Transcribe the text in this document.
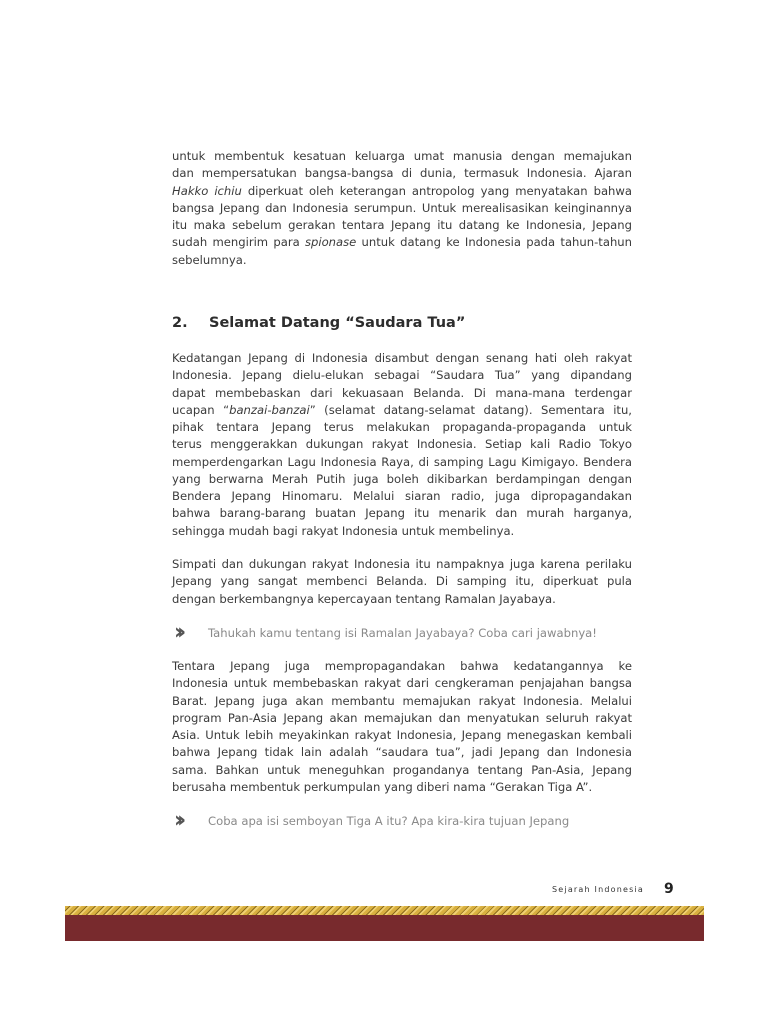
untuk membentuk kesatuan keluarga umat manusia dengan memajukan
dan mempersatukan bangsa-bangsa di dunia, termasuk Indonesia. Ajaran
Hakko ichiu diperkuat oleh keterangan antropolog yang menyatakan bahwa
bangsa Jepang dan Indonesia serumpun. Untuk merealisasikan keinginannya
itu maka sebelum gerakan tentara Jepang itu datang ke Indonesia, Jepang
sudah mengirim para spionase untuk datang ke Indonesia pada tahun-tahun
sebelumnya.
2. Selamat Datang “Saudara Tua”
Kedatangan Jepang di Indonesia disambut dengan senang hati oleh rakyat
Indonesia. Jepang dielu-elukan sebagai “Saudara Tua” yang dipandang
dapat membebaskan dari kekuasaan Belanda. Di mana-mana terdengar
ucapan “banzai-banzai” (selamat datang-selamat datang). Sementara itu,
pihak tentara Jepang terus melakukan propaganda-propaganda untuk
terus menggerakkan dukungan rakyat Indonesia. Setiap kali Radio Tokyo
memperdengarkan Lagu Indonesia Raya, di samping Lagu Kimigayo. Bendera
yang berwarna Merah Putih juga boleh dikibarkan berdampingan dengan
Bendera Jepang Hinomaru. Melalui siaran radio, juga dipropagandakan
bahwa barang-barang buatan Jepang itu menarik dan murah harganya,
sehingga mudah bagi rakyat Indonesia untuk membelinya.
Simpati dan dukungan rakyat Indonesia itu nampaknya juga karena perilaku
Jepang yang sangat membenci Belanda. Di samping itu, diperkuat pula
dengan berkembangnya kepercayaan tentang Ramalan Jayabaya.
››	Tahukah kamu tentang isi Ramalan Jayabaya? Coba cari jawabnya!
Tentara Jepang juga mempropagandakan bahwa kedatangannya ke
Indonesia untuk membebaskan rakyat dari cengkeraman penjajahan bangsa
Barat. Jepang juga akan membantu memajukan rakyat Indonesia. Melalui
program Pan-Asia Jepang akan memajukan dan menyatukan seluruh rakyat
Asia. Untuk lebih meyakinkan rakyat Indonesia, Jepang menegaskan kembali
bahwa Jepang tidak lain adalah “saudara tua”, jadi Jepang dan Indonesia
sama. Bahkan untuk meneguhkan progandanya tentang Pan-Asia, Jepang
berusaha membentuk perkumpulan yang diberi nama “Gerakan Tiga A”.
››	Coba apa isi semboyan Tiga A itu? Apa kira-kira tujuan Jepang
Sejarah Indonesia 9
